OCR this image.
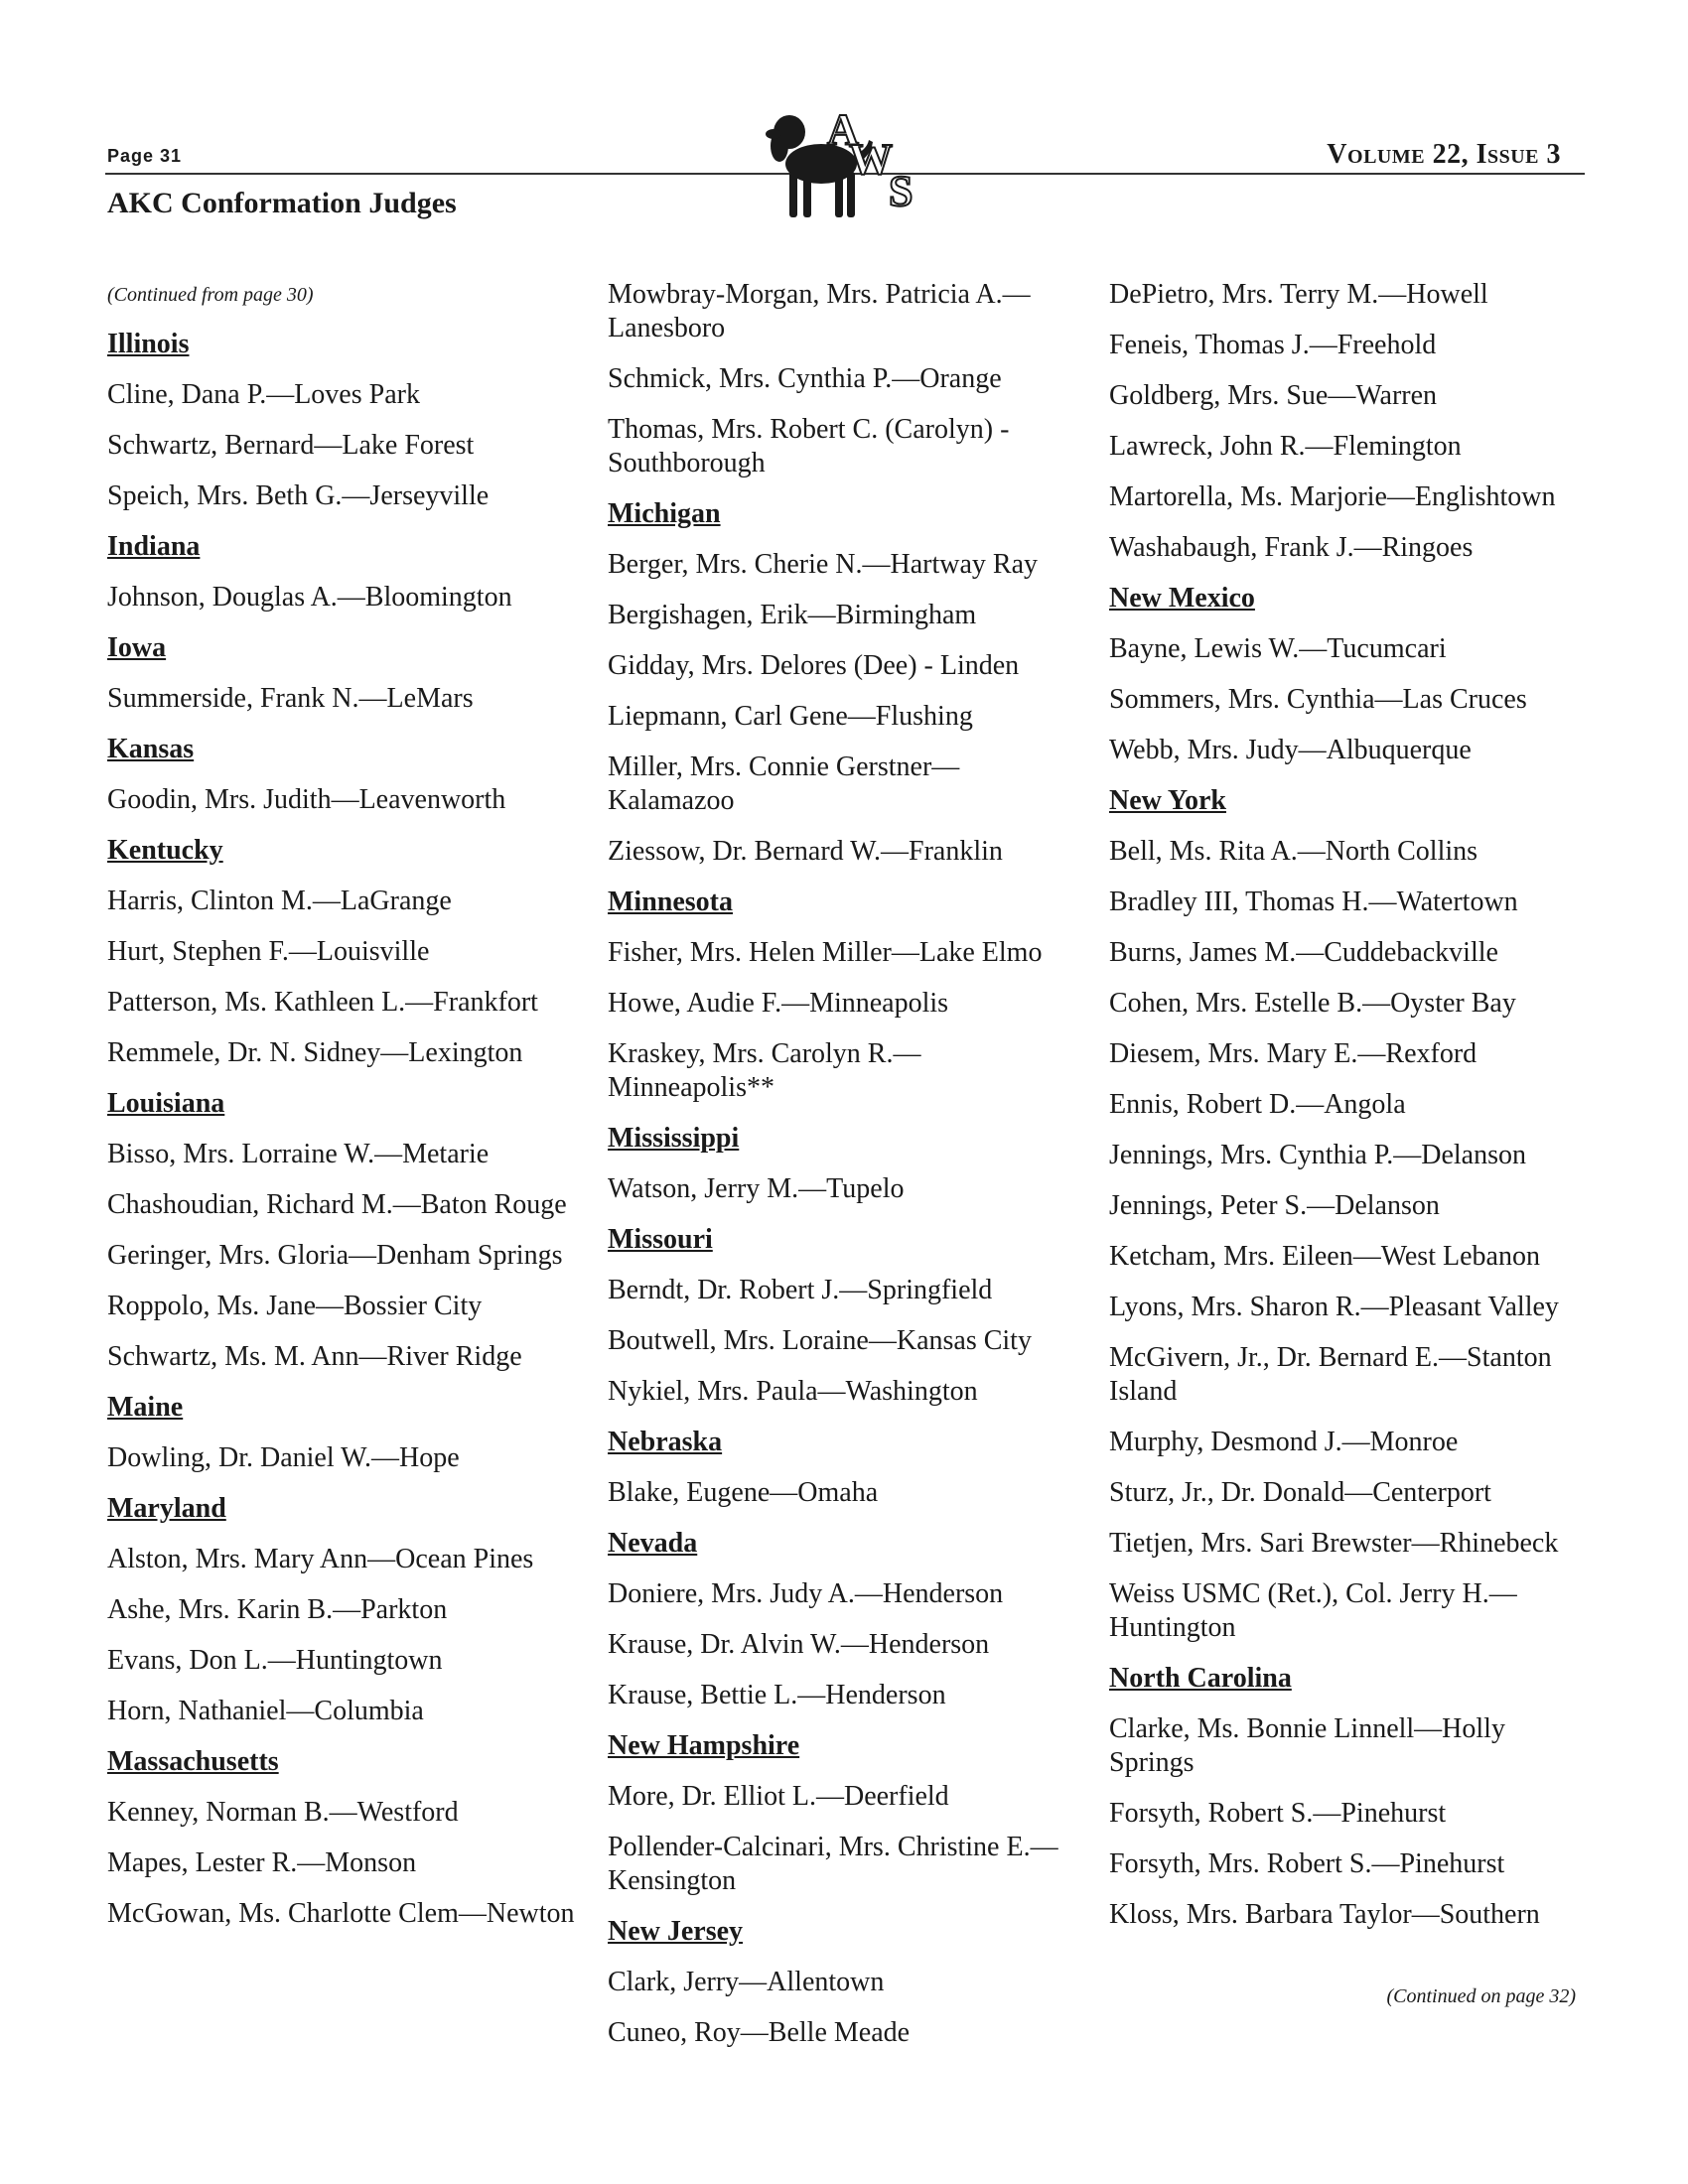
Page 31	Volume 22, Issue 3
A
W
S
AKC Conformation Judges
(Continued from page 30)
Illinois
Cline, Dana P.—Loves Park
Schwartz, Bernard—Lake Forest
Speich, Mrs. Beth G.—Jerseyville
Indiana
Johnson, Douglas A.—Bloomington
Iowa
Summerside, Frank N.—LeMars
Kansas
Goodin, Mrs. Judith—Leavenworth
Kentucky
Harris, Clinton M.—LaGrange
Hurt, Stephen F.—Louisville
Patterson, Ms. Kathleen L.—Frankfort
Remmele, Dr. N. Sidney—Lexington
Louisiana
Bisso, Mrs. Lorraine W.—Metarie
Chashoudian, Richard M.—Baton Rouge
Geringer, Mrs. Gloria—Denham Springs
Roppolo, Ms. Jane—Bossier City
Schwartz, Ms. M. Ann—River Ridge
Maine
Dowling, Dr. Daniel W.—Hope
Maryland
Alston, Mrs. Mary Ann—Ocean Pines
Ashe, Mrs. Karin B.—Parkton
Evans, Don L.—Huntingtown
Horn, Nathaniel—Columbia
Massachusetts
Kenney, Norman B.—Westford
Mapes, Lester R.—Monson
McGowan, Ms. Charlotte Clem—Newton
Mowbray-Morgan, Mrs. Patricia A.—Lanesboro
Schmick, Mrs. Cynthia P.—Orange
Thomas, Mrs. Robert C. (Carolyn) - Southborough
Michigan
Berger, Mrs. Cherie N.—Hartway Ray
Bergishagen, Erik—Birmingham
Gidday, Mrs. Delores (Dee) - Linden
Liepmann, Carl Gene—Flushing
Miller, Mrs. Connie Gerstner—Kalamazoo
Ziessow, Dr. Bernard W.—Franklin
Minnesota
Fisher, Mrs. Helen Miller—Lake Elmo
Howe, Audie F.—Minneapolis
Kraskey, Mrs. Carolyn R.—Minneapolis**
Mississippi
Watson, Jerry M.—Tupelo
Missouri
Berndt, Dr. Robert J.—Springfield
Boutwell, Mrs. Loraine—Kansas City
Nykiel, Mrs. Paula—Washington
Nebraska
Blake, Eugene—Omaha
Nevada
Doniere, Mrs. Judy A.—Henderson
Krause, Dr. Alvin W.—Henderson
Krause, Bettie L.—Henderson
New Hampshire
More, Dr. Elliot L.—Deerfield
Pollender-Calcinari, Mrs. Christine E.—Kensington
New Jersey
Clark, Jerry—Allentown
Cuneo, Roy—Belle Meade
DePietro, Mrs. Terry M.—Howell
Feneis, Thomas J.—Freehold
Goldberg, Mrs. Sue—Warren
Lawreck, John R.—Flemington
Martorella, Ms. Marjorie—Englishtown
Washabaugh, Frank J.—Ringoes
New Mexico
Bayne, Lewis W.—Tucumcari
Sommers, Mrs. Cynthia—Las Cruces
Webb, Mrs. Judy—Albuquerque
New York
Bell, Ms. Rita A.—North Collins
Bradley III, Thomas H.—Watertown
Burns, James M.—Cuddebackville
Cohen, Mrs. Estelle B.—Oyster Bay
Diesem, Mrs. Mary E.—Rexford
Ennis, Robert D.—Angola
Jennings, Mrs. Cynthia P.—Delanson
Jennings, Peter S.—Delanson
Ketcham, Mrs. Eileen—West Lebanon
Lyons, Mrs. Sharon R.—Pleasant Valley
McGivern, Jr., Dr. Bernard E.—Stanton Island
Murphy, Desmond J.—Monroe
Sturz, Jr., Dr. Donald—Centerport
Tietjen, Mrs. Sari Brewster—Rhinebeck
Weiss USMC (Ret.), Col. Jerry H.—Huntington
North Carolina
Clarke, Ms. Bonnie Linnell—Holly Springs
Forsyth, Robert S.—Pinehurst
Forsyth, Mrs. Robert S.—Pinehurst
Kloss, Mrs. Barbara Taylor—Southern
(Continued on page 32)
